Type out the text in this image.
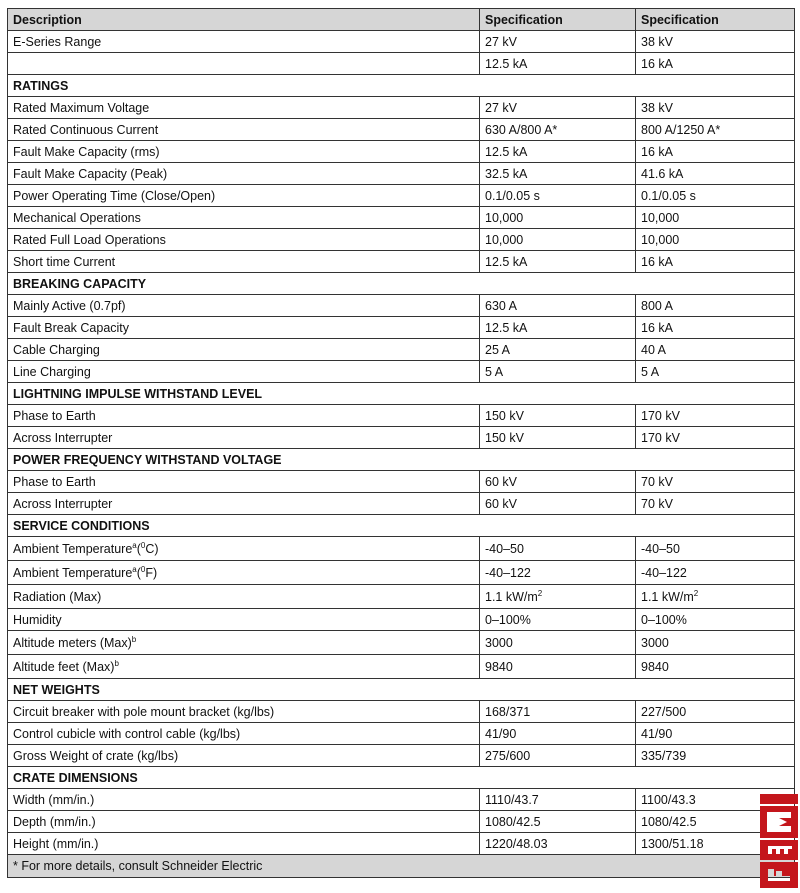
Description	Specification	Specification
E-Series Range	27 kV	38 kV
	12.5 kA	16 kA
RATINGS		
Rated Maximum Voltage	27 kV	38 kV
Rated Continuous Current	630 A/800 A*	800 A/1250 A*
Fault Make Capacity (rms)	12.5 kA	16 kA
Fault Make Capacity (Peak)	32.5 kA	41.6 kA
Power Operating Time (Close/Open)	0.1/0.05 s	0.1/0.05 s
Mechanical Operations	10,000	10,000
Rated Full Load Operations	10,000	10,000
Short time Current	12.5 kA	16 kA
BREAKING CAPACITY		
Mainly Active (0.7pf)	630 A	800 A
Fault Break Capacity	12.5 kA	16 kA
Cable Charging	25 A	40 A
Line Charging	5 A	5 A
LIGHTNING IMPULSE WITHSTAND LEVEL		
Phase to Earth	150 kV	170 kV
Across Interrupter	150 kV	170 kV
POWER FREQUENCY WITHSTAND VOLTAGE		
Phase to Earth	60 kV	70 kV
Across Interrupter	60 kV	70 kV
SERVICE CONDITIONS		
Ambient Temperature$^a$($^0$C)	-40–50	-40–50
Ambient Temperature$^a$($^0$F)	-40–122	-40–122
Radiation (Max)	1.1 $kW/m^2$	1.1 $kW/m^2$
Humidity	0–100%	0–100%
Altitude meters (Max)$^b$	3000	3000
Altitude feet (Max)$^b$	9840	9840
NET WEIGHTS		
Circuit breaker with pole mount bracket (kg/lbs)	168/371	227/500
Control cubicle with control cable (kg/lbs)	41/90	41/90
Gross Weight of crate (kg/lbs)	275/600	335/739
CRATE DIMENSIONS		
Width (mm/in.)	1110/43.7	1100/43.3
Depth (mm/in.)	1080/42.5	1080/42.5
Height (mm/in.)	1220/48.03	1300/51.18
* For more details, consult Schneider Electric		
